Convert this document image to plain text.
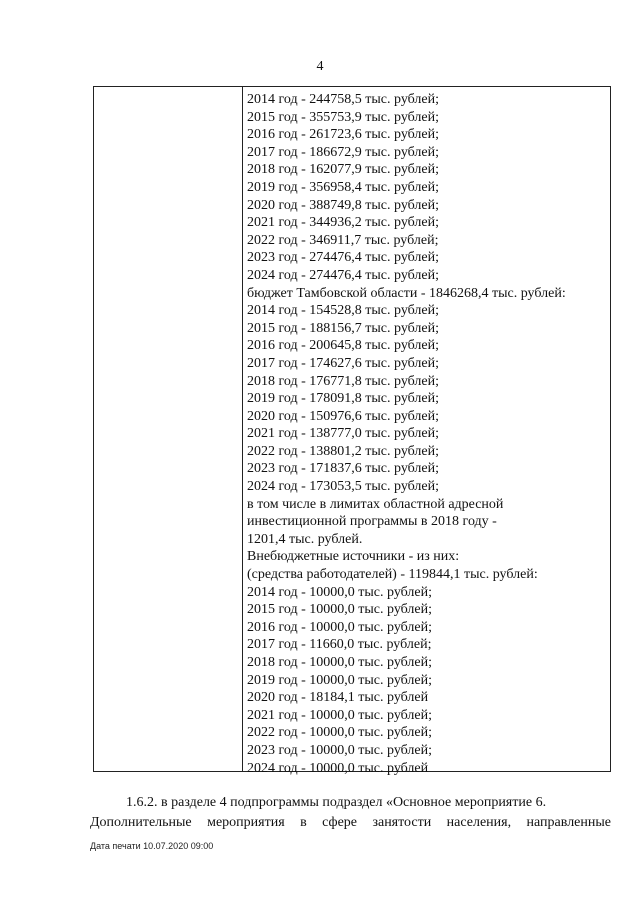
4
2014 год - 244758,5 тыс. рублей;
2015 год - 355753,9 тыс. рублей;
2016 год - 261723,6 тыс. рублей;
2017 год - 186672,9 тыс. рублей;
2018 год - 162077,9 тыс. рублей;
2019 год - 356958,4 тыс. рублей;
2020 год - 388749,8 тыс. рублей;
2021 год - 344936,2 тыс. рублей;
2022 год - 346911,7 тыс. рублей;
2023 год - 274476,4 тыс. рублей;
2024 год - 274476,4 тыс. рублей;
бюджет Тамбовской области - 1846268,4 тыс. рублей:
2014 год - 154528,8 тыс. рублей;
2015 год - 188156,7 тыс. рублей;
2016 год - 200645,8 тыс. рублей;
2017 год - 174627,6 тыс. рублей;
2018 год - 176771,8 тыс. рублей;
2019 год - 178091,8 тыс. рублей;
2020 год - 150976,6 тыс. рублей;
2021 год - 138777,0 тыс. рублей;
2022 год - 138801,2 тыс. рублей;
2023 год - 171837,6 тыс. рублей;
2024 год - 173053,5 тыс. рублей;
в том числе в лимитах областной адресной
инвестиционной программы в 2018 году -
1201,4 тыс. рублей.
Внебюджетные источники - из них:
(средства работодателей) - 119844,1 тыс. рублей:
2014 год - 10000,0 тыс. рублей;
2015 год - 10000,0 тыс. рублей;
2016 год - 10000,0 тыс. рублей;
2017 год - 11660,0 тыс. рублей;
2018 год - 10000,0 тыс. рублей;
2019 год - 10000,0 тыс. рублей;
2020 год - 18184,1 тыс. рублей
2021 год - 10000,0 тыс. рублей;
2022 год - 10000,0 тыс. рублей;
2023 год - 10000,0 тыс. рублей;
2024 год - 10000,0 тыс. рублей
1.6.2. в разделе 4 подпрограммы подраздел «Основное мероприятие 6.
Дополнительные мероприятия в сфере занятости населения, направленные
Дата печати 10.07.2020 09:00
